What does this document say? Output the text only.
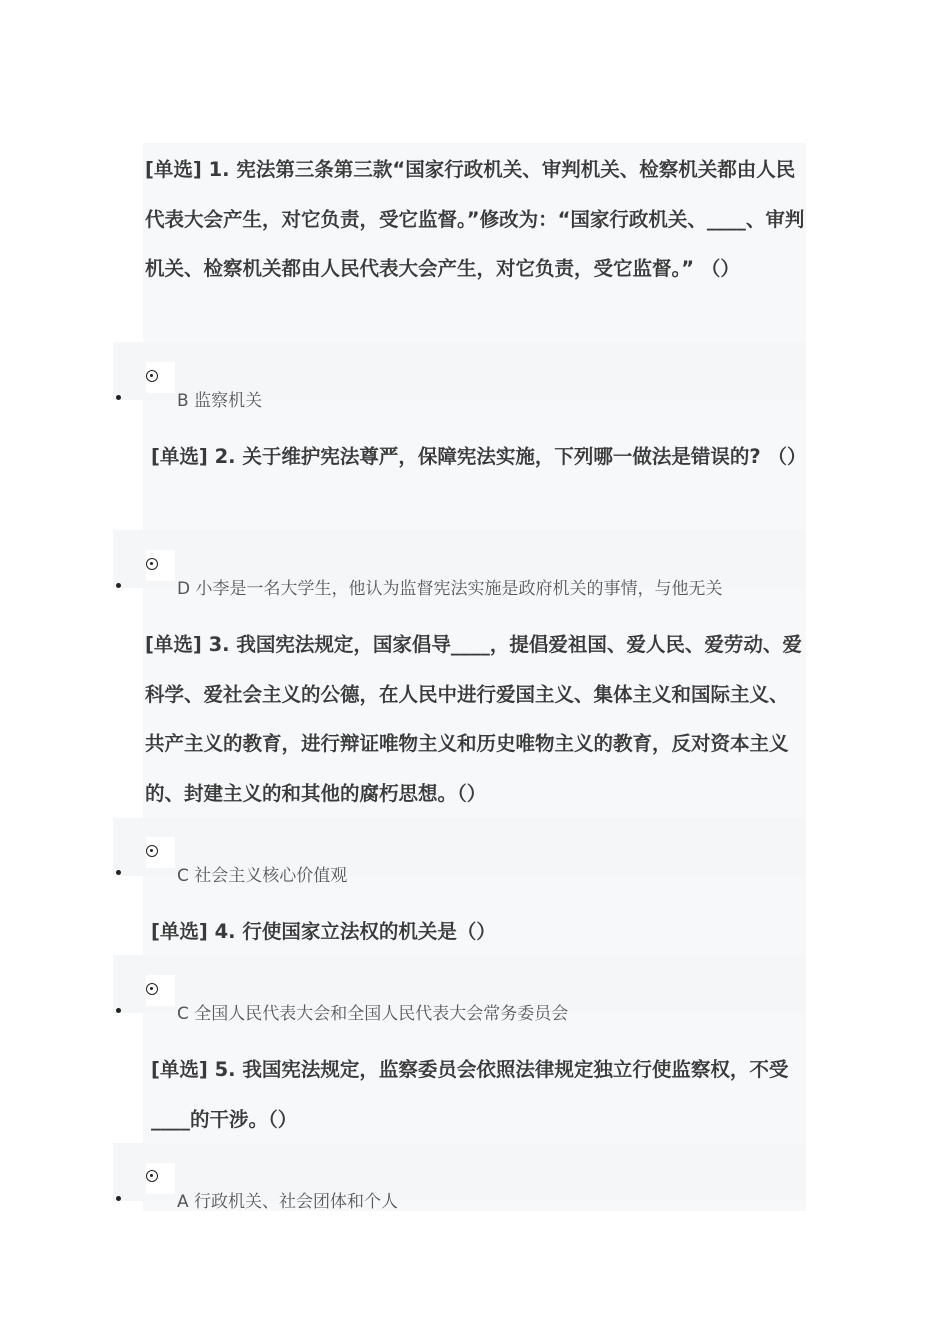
[单选] 1. 宪法第三条第三款“国家行政机关、审判机关、检察机关都由人民代表大会产生，对它负责，受它监督。”修改为：“国家行政机关、____、审判机关、检察机关都由人民代表大会产生，对它负责，受它监督。” （）

B 监察机关

[单选] 2. 关于维护宪法尊严，保障宪法实施，下列哪一做法是错误的? （）

D 小李是一名大学生，他认为监督宪法实施是政府机关的事情，与他无关

[单选] 3. 我国宪法规定，国家倡导____，提倡爱祖国、爱人民、爱劳动、爱科学、爱社会主义的公德，在人民中进行爱国主义、集体主义和国际主义、共产主义的教育，进行辩证唯物主义和历史唯物主义的教育，反对资本主义的、封建主义的和其他的腐朽思想。（）

C 社会主义核心价值观

[单选] 4. 行使国家立法权的机关是（）

C 全国人民代表大会和全国人民代表大会常务委员会

[单选] 5. 我国宪法规定，监察委员会依照法律规定独立行使监察权，不受____的干涉。（）

A 行政机关、社会团体和个人
